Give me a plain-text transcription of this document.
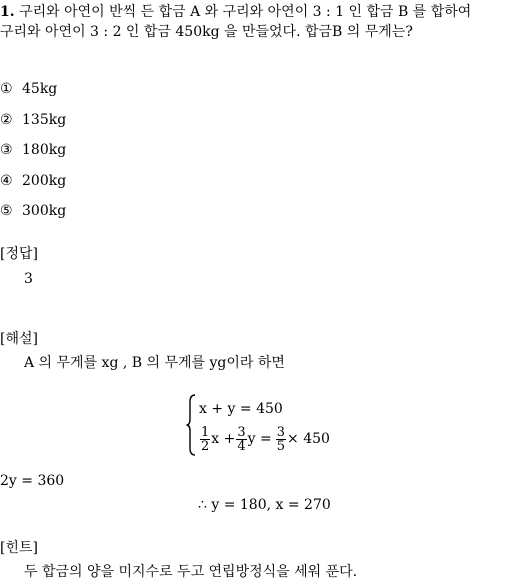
1. 구리와 아연이 반씩 든 합금 A 와 구리와 아연이 3 : 1 인 합금 B 를 합하여
구리와 아연이 3 : 2 인 합금 450kg 을 만들었다. 합금B 의 무게는?
① 45kg
② 135kg
③ 180kg
④ 200kg
⑤ 300kg
[정답]
3
[해설]
A 의 무게를 xg , B 의 무게를 yg이라 하면
x + y = 450
$\frac{1}{2}$ $x + \frac{3}{4}$ $y = \frac{3}{5} \times 450$
2y = 360
∴ y = 180, x = 270
[힌트]
두 합금의 양을 미지수로 두고 연립방정식을 세워 푼다.
